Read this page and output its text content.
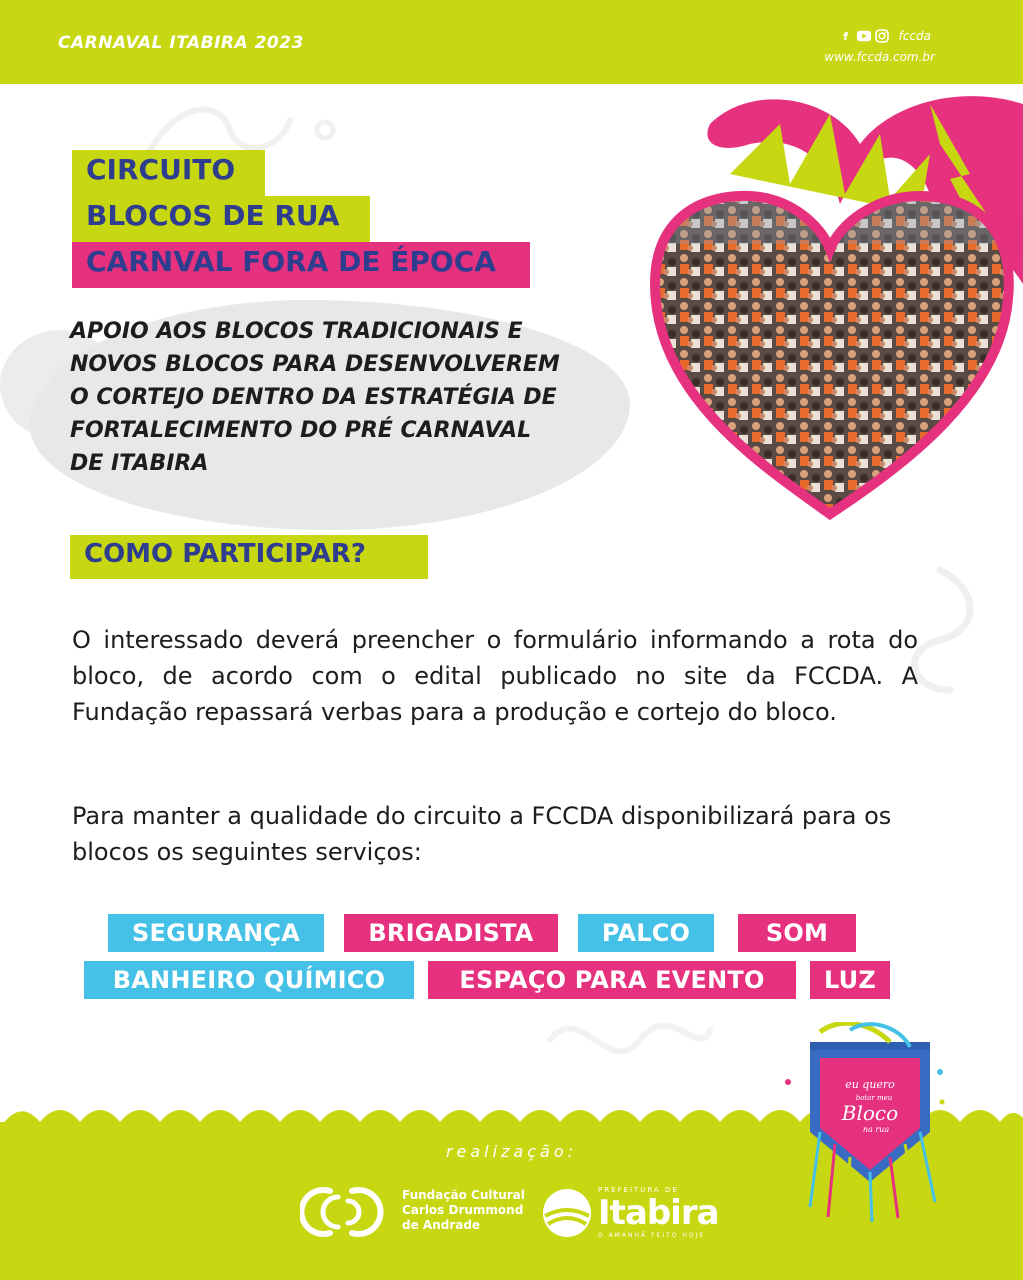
CARNAVAL ITABIRA 2023	f	fccda
www.fccda.com.br
CIRCUITO
BLOCOS DE RUA
CARNVAL FORA DE ÉPOCA
APOIO AOS BLOCOS TRADICIONAIS E
NOVOS BLOCOS PARA DESENVOLVEREM
O CORTEJO DENTRO DA ESTRATÉGIA DE
FORTALECIMENTO DO PRÉ CARNAVAL
DE ITABIRA
COMO PARTICIPAR?

O interessado deverá preencher o formulário informando a rota do bloco, de acordo com o edital publicado no site da FCCDA. A Fundação repassará verbas para a produção e cortejo do bloco.

Para manter a qualidade do circuito a FCCDA disponibilizará para os blocos os seguintes serviços:

SEGURANÇA	BRIGADISTA	PALCO	SOM
BANHEIRO QUÍMICO	ESPAÇO PARA EVENTO LUZ
realização:
Fundação Cultural
Carlos Drummond
de Andrade
PREFEITURA DE
Itabira
O AMANHÃ FEITO HOJE
eu quero
botar meu
Bloco
na rua
